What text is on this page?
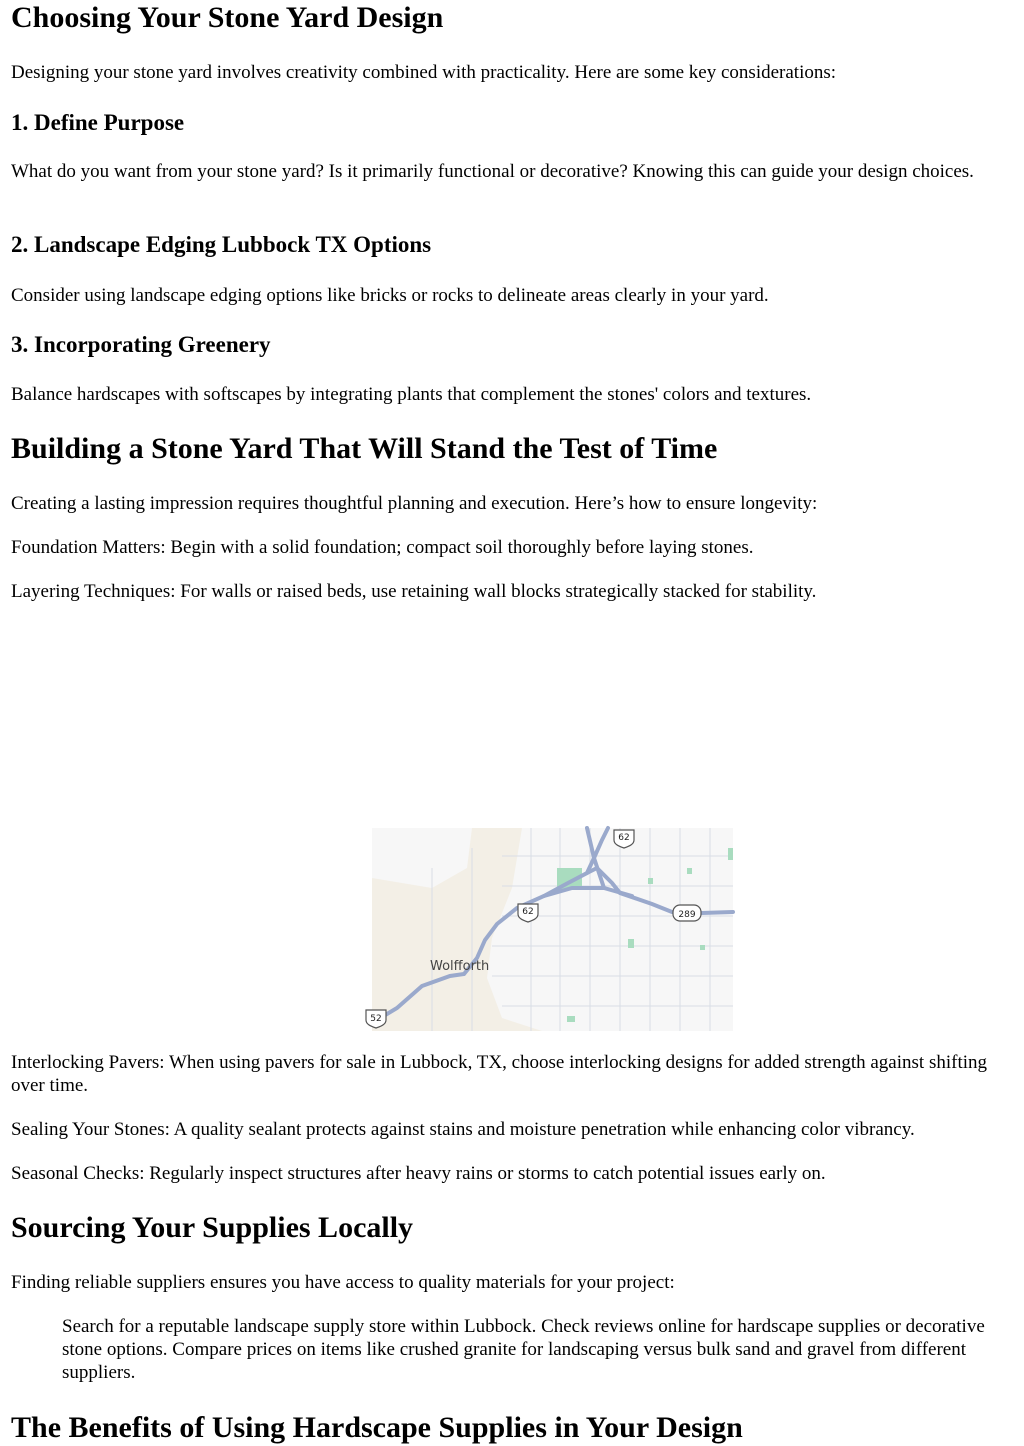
Choosing Your Stone Yard Design

Designing your stone yard involves creativity combined with practicality. Here are some key considerations:

1. Define Purpose

What do you want from your stone yard? Is it primarily functional or decorative? Knowing this can guide your design choices.

2. Landscape Edging Lubbock TX Options

Consider using landscape edging options like bricks or rocks to delineate areas clearly in your yard.

3. Incorporating Greenery

Balance hardscapes with softscapes by integrating plants that complement the stones' colors and textures.

Building a Stone Yard That Will Stand the Test of Time

Creating a lasting impression requires thoughtful planning and execution. Here’s how to ensure longevity:

Foundation Matters: Begin with a solid foundation; compact soil thoroughly before laying stones.

Layering Techniques: For walls or raised beds, use retaining wall blocks strategically stacked for stability.

62
62	289
52
Wolfforth

Interlocking Pavers: When using pavers for sale in Lubbock, TX, choose interlocking designs for added strength against shifting over time.

Sealing Your Stones: A quality sealant protects against stains and moisture penetration while enhancing color vibrancy.

Seasonal Checks: Regularly inspect structures after heavy rains or storms to catch potential issues early on.

Sourcing Your Supplies Locally

Finding reliable suppliers ensures you have access to quality materials for your project:

Search for a reputable landscape supply store within Lubbock. Check reviews online for hardscape supplies or decorative stone options. Compare prices on items like crushed granite for landscaping versus bulk sand and gravel from different suppliers.

The Benefits of Using Hardscape Supplies in Your Design
